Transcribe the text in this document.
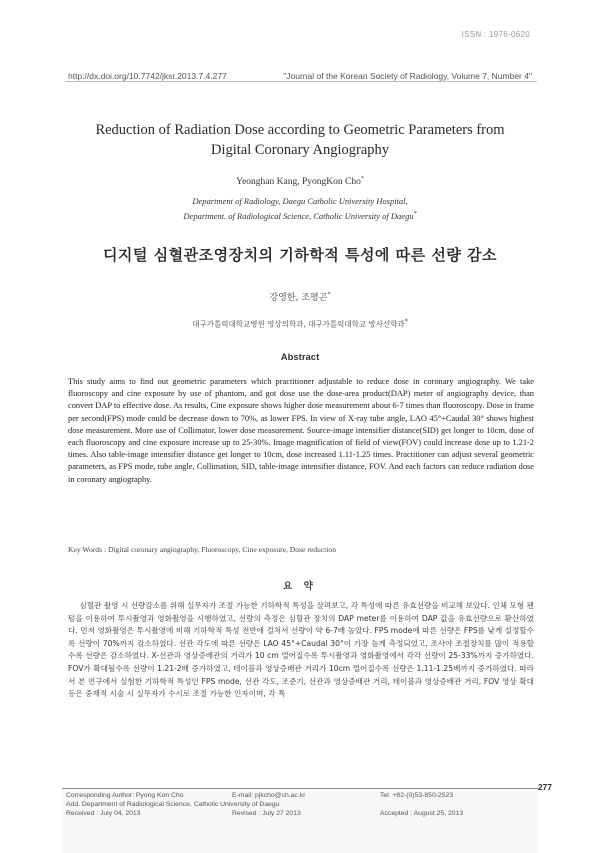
ISSN : 1976-0620
http://dx.doi.org/10.7742/jksr.2013.7.4.277	"Journal of the Korean Society of Radiology, Volume 7, Number 4"
Reduction of Radiation Dose according to Geometric Parameters from
Digital Coronary Angiography
Yeonghan Kang, PyongKon Cho*
Department of Radiology, Daegu Catholic University Hospital,
Department. of Radiological Science, Catholic University of Daegu*
디지털 심혈관조영장치의 기하학적 특성에 따른 선량 감소
강영한, 조평곤*
대구가톨릭대학교병원 영상의학과, 대구가톨릭대학교 방사선학과*
Abstract
This study aims to find out geometric parameters which practitioner adjustable to reduce dose in coronary angiography. We take fluoroscopy and cine exposure by use of phantom, and got dose use the dose-area product(DAP) meter of angiography device, than convert DAP to effective dose. As results, Cine exposure shows higher dose measurement about 6-7 times than fluoroscopy. Dose in frame per second(FPS) mode could be decrease down to 70%, as lower FPS. In view of X-ray tube angle, LAO 45°+Caudal 30° shows highest dose measurement. More use of Collimator, lower dose measurement. Source-image intensifier distance(SID) get longer to 10cm, dose of each fluoroscopy and cine exposure increase up to 25-30%. Image magnification of field of view(FOV) could increase dose up to 1.21-2 times. Also table-image intensifier distance get longer to 10cm, dose increased 1.11-1.25 times. Practitioner can adjust several geometric parameters, as FPS mode, tube angle, Collimation, SID, table-image intensifier distance, FOV. And each factors can reduce radiation dose in coronary angiography.
Key Words : Digital coronary angiography, Fluoroscopy, Cine exposure, Dose reduction
요 약
심혈관 촬영 시 선량감소를 위해 실무자가 조절 가능한 기하학적 특성을 살펴보고, 각 특성에 따른 유효선량을 비교해 보았다. 인체 모형 팬텀을 이용하여 투시촬영과 영화촬영을 시행하였고, 선량의 측정은 심혈관 장치의 DAP meter를 이용하여 DAP 값을 유효선량으로 환산하였다. 먼저 영화촬영은 투시촬영에 비해 기하학적 특성 전반에 걸쳐서 선량이 약 6-7배 높았다. FPS mode에 따른 선량은 FPS를 낮게 설정할수록 선량이 70%까지 감소하였다. 선관 각도에 따른 선량은 LAO 45°+Caudal 30°이 가장 높게 측정되었고, 조사야 조절장치를 많이 적용할수록 선량은 감소하였다. X-선관과 영상증배관의 거리가 10 cm 멀어질수록 투시촬영과 영화촬영에서 각각 선량이 25-33%까지 증가하였다. FOV가 확대될수록 선량이 1.21-2배 증가하였고, 테이블과 영상증배관 거리가 10cm 멀어질수록 선량은 1.11-1.25배까지 증가하였다. 따라서 본 연구에서 실험한 기하학적 특성인 FPS mode, 선관 각도, 조준기, 선관과 영상증배관 거리, 테이블과 영상증배관 거리, FOV 영상 확대 등은 중재적 시술 시 실무자가 수시로 조절 가능한 인자이며, 각 특
277
Corresponding Author: Pyong Kon Cho	E-mail: pjkcho@ch.ac.kr	Tel: +82-(0)53-850-2523
Add. Department of Radiological Science, Catholic University of Daegu
Received : July 04, 2013	Revised : July 27 2013	Accepted : August 25, 2013
